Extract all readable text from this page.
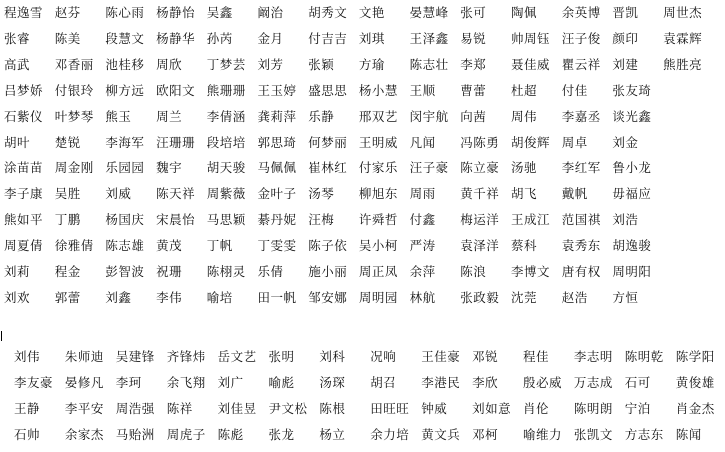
程逸雪 赵芬 陈心雨 杨静怡 吴鑫 阚治 胡秀文 文艳 晏慧峰 张可 陶佩 余英博 晋凯 周世杰
张睿 陈美 段慧文 杨静华 孙芮 金月 付吉吉 刘琪 王泽鑫 易锐 帅周钰 汪子俊 颜印 袁霖辉
高武 邓香丽 池桂移 周欣 丁梦芸 刘芳 张颖 方瑜 陈志壮 李郑 聂佳威 瞿云祥 刘建 熊胜亮
吕梦娇 付银玲 柳方远 欧阳文 熊珊珊 王玉婷 盛思思 杨小慧 王顺 曹蕾 杜超 付佳 张友琦
石紫仪 叶梦琴 熊玉 周兰 李倩涵 龚莉萍 乐静 邢双艺 闵宇航 向茜 周伟 李嘉丞 谈光鑫
胡叶 楚锐 李海军 汪珊珊 段培培 郭思琦 何梦丽 王明威 凡闻 冯陈勇 胡俊辉 周卓 刘金
涂苗苗 周金刚 乐园园 魏宇 胡天骏 马佩佩 崔林红 付家乐 汪子豪 陈立豪 汤驰 李红军 鲁小龙
李子康 吴胜 刘威 陈天祥 周紫薇 金叶子 汤琴 柳旭东 周雨 黄千祥 胡飞 戴帆 毋福应
熊如平 丁鹏 杨国庆 宋晨怡 马思颖 綦丹妮 汪梅 许舜哲 付鑫 梅运洋 王成江 范国祺 刘浩
周夏倩 徐雅倩 陈志雄 黄茂 丁帆 丁雯雯 陈子依 吴小柯 严涛 袁泽洋 蔡科 袁秀东 胡逸骏
刘莉 程金 彭智波 祝珊 陈栩灵 乐倩 施小丽 周正凤 余萍 陈浪 李博文 唐有权 周明阳
刘欢 郭蕾 刘鑫 李伟 喻培 田一帆 邹安娜 周明园 林航 张政毅 沈莞 赵浩 方恒
刘伟 朱师迪 吴建锋 齐锋炜 岳文艺 张明 刘科 况响 王佳豪 邓锐 程佳 李志明 陈明乾 陈学阳
李友豪 晏修凡 李珂 余飞翔 刘广 喻彪 汤琛 胡召 李港民 李欣 殷必威 万志成 石可 黄俊雄
王静 李平安 周浩强 陈祥 刘佳昱 尹文松 陈根 田旺旺 钟威 刘如意 肖伦 陈明朗 宁泊 肖金杰
石帅 余家杰 马贻洲 周虎子 陈彪 张龙 杨立 余力培 黄文兵 邓柯 喻维力 张凯文 方志东 陈闻
